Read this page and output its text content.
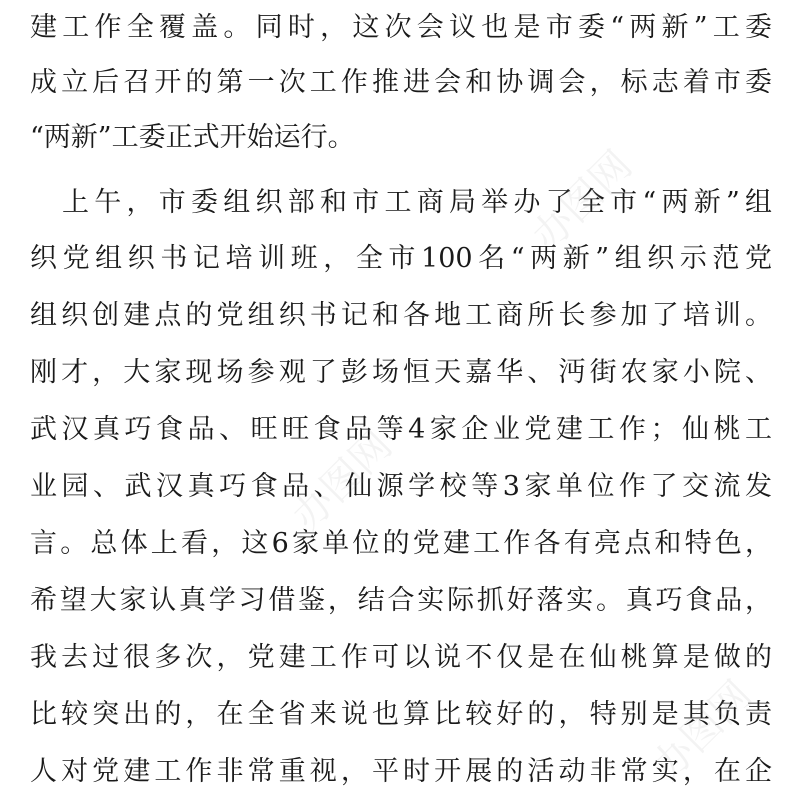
建工作全覆盖。同时，这次会议也是市委“两新”工委
成立后召开的第一次工作推进会和协调会，标志着市委
“两新”工委正式开始运行。
上午，市委组织部和市工商局举办了全市“两新”组
织党组织书记培训班，全市100名“两新”组织示范党
组织创建点的党组织书记和各地工商所长参加了培训。
刚才，大家现场参观了彭场恒天嘉华、沔街农家小院、
武汉真巧食品、旺旺食品等4家企业党建工作；仙桃工
业园、武汉真巧食品、仙源学校等3家单位作了交流发
言。总体上看，这6家单位的党建工作各有亮点和特色，
希望大家认真学习借鉴，结合实际抓好落实。真巧食品，
我去过很多次，党建工作可以说不仅是在仙桃算是做的
比较突出的，在全省来说也算比较好的，特别是其负责
人对党建工作非常重视，平时开展的活动非常实，在企
办图网
办图网
办图网
